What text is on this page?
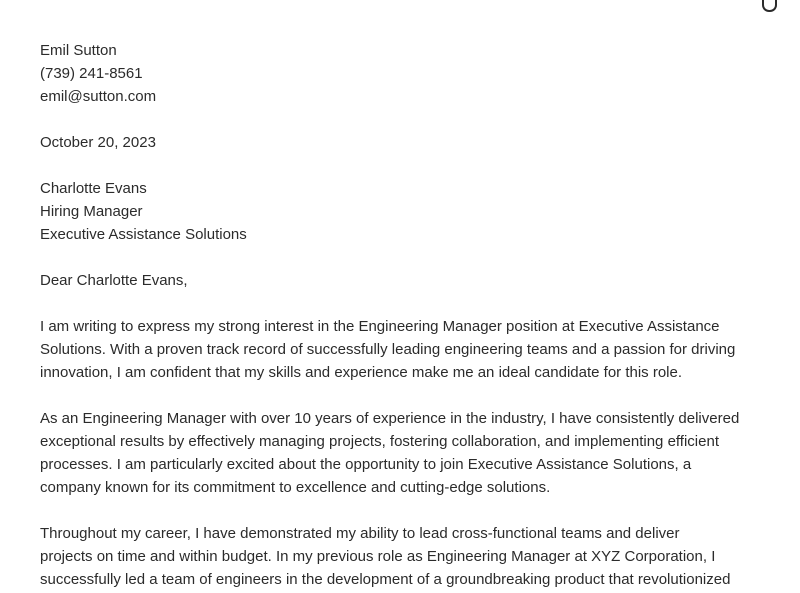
Emil Sutton
(739) 241-8561
emil@sutton.com
October 20, 2023
Charlotte Evans
Hiring Manager
Executive Assistance Solutions
Dear Charlotte Evans,
I am writing to express my strong interest in the Engineering Manager position at Executive Assistance
Solutions. With a proven track record of successfully leading engineering teams and a passion for driving
innovation, I am confident that my skills and experience make me an ideal candidate for this role.
As an Engineering Manager with over 10 years of experience in the industry, I have consistently delivered
exceptional results by effectively managing projects, fostering collaboration, and implementing efficient
processes. I am particularly excited about the opportunity to join Executive Assistance Solutions, a
company known for its commitment to excellence and cutting-edge solutions.
Throughout my career, I have demonstrated my ability to lead cross-functional teams and deliver
projects on time and within budget. In my previous role as Engineering Manager at XYZ Corporation, I
successfully led a team of engineers in the development of a groundbreaking product that revolutionized
